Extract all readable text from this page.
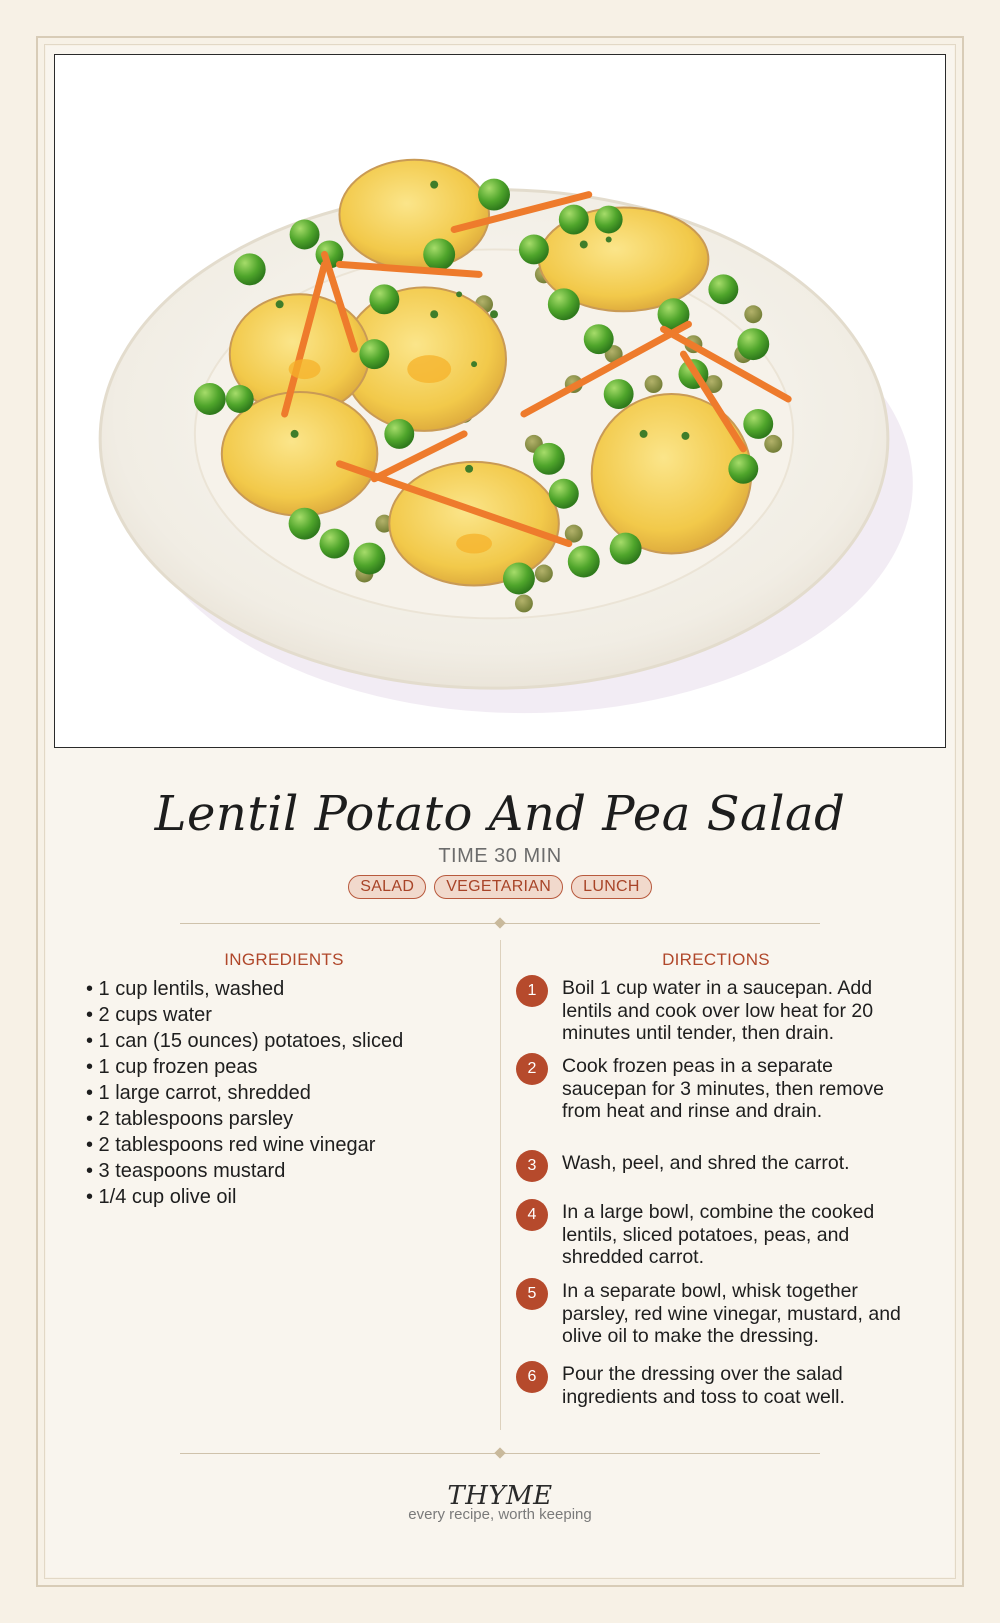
Lentil Potato And Pea Salad
TIME 30 MIN
SALAD	VEGETARIAN	LUNCH
INGREDIENTS
• 1 cup lentils, washed
• 2 cups water
• 1 can (15 ounces) potatoes, sliced
• 1 cup frozen peas
• 1 large carrot, shredded
• 2 tablespoons parsley
• 2 tablespoons red wine vinegar
• 3 teaspoons mustard
• 1/4 cup olive oil
DIRECTIONS
1	Boil 1 cup water in a saucepan. Add lentils and cook over low heat for 20 minutes until tender, then drain.
2	Cook frozen peas in a separate saucepan for 3 minutes, then remove from heat and rinse and drain.
3	Wash, peel, and shred the carrot.
4	In a large bowl, combine the cooked lentils, sliced potatoes, peas, and shredded carrot.
5	In a separate bowl, whisk together parsley, red wine vinegar, mustard, and olive oil to make the dressing.
6	Pour the dressing over the salad ingredients and toss to coat well.
THYME
every recipe, worth keeping
